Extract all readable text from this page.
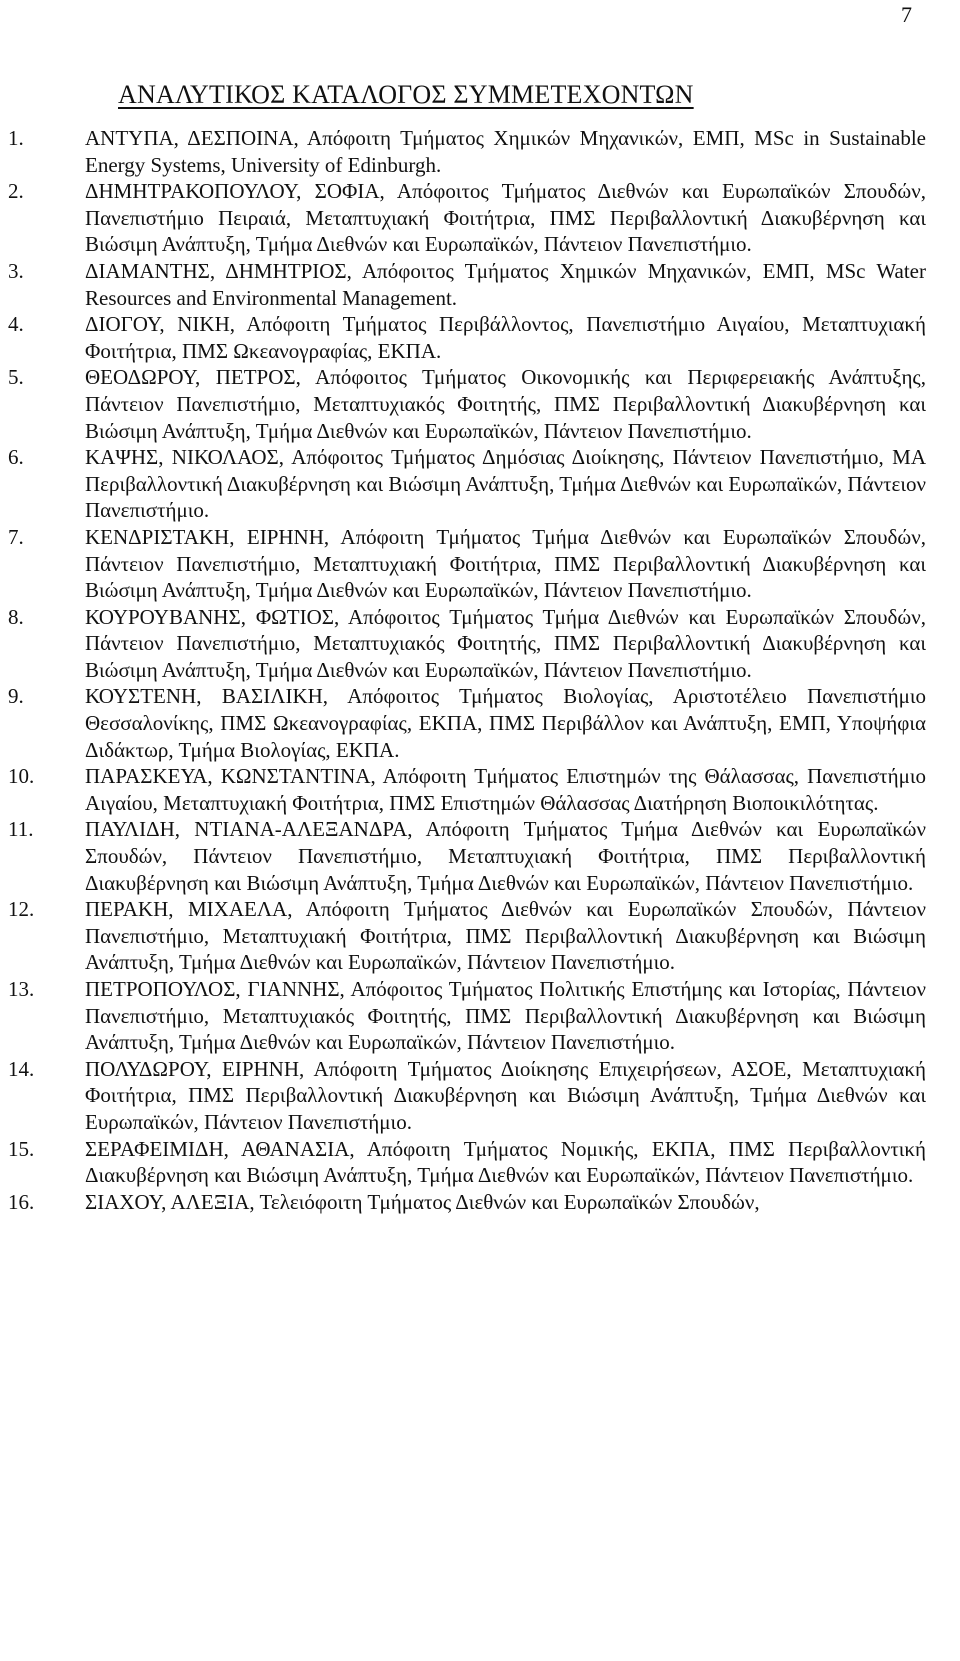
7
ΑΝΑΛΥΤΙΚΟΣ ΚΑΤΑΛΟΓΟΣ ΣΥΜΜΕΤΕΧΟΝΤΩΝ
1.	ΑΝΤΥΠΑ, ΔΕΣΠΟΙΝΑ, Απόφοιτη Τμήματος Χημικών Μηχανικών, ΕΜΠ, MSc in Sustainable Energy Systems, University of Edinburgh.
2.	ΔΗΜΗΤΡΑΚΟΠΟΥΛΟΥ, ΣΟΦΙΑ, Απόφοιτος Τμήματος Διεθνών και Ευρωπαϊκών Σπουδών, Πανεπιστήμιο Πειραιά, Μεταπτυχιακή Φοιτήτρια, ΠΜΣ Περιβαλλοντική Διακυβέρνηση και Βιώσιμη Ανάπτυξη, Τμήμα Διεθνών και Ευρωπαϊκών, Πάντειον Πανεπιστήμιο.
3.	ΔΙΑΜΑΝΤΗΣ, ΔΗΜΗΤΡΙΟΣ, Απόφοιτος Τμήματος Χημικών Μηχανικών, ΕΜΠ, MSc Water Resources and Environmental Management.
4.	ΔΙΟΓΟΥ, ΝΙΚΗ, Απόφοιτη Τμήματος Περιβάλλοντος, Πανεπιστήμιο Αιγαίου, Μεταπτυχιακή Φοιτήτρια, ΠΜΣ Ωκεανογραφίας, ΕΚΠΑ.
5.	ΘΕΟΔΩΡΟΥ, ΠΕΤΡΟΣ, Απόφοιτος Τμήματος Οικονομικής και Περιφερειακής Ανάπτυξης, Πάντειον Πανεπιστήμιο, Μεταπτυχιακός Φοιτητής, ΠΜΣ Περιβαλλοντική Διακυβέρνηση και Βιώσιμη Ανάπτυξη, Τμήμα Διεθνών και Ευρωπαϊκών, Πάντειον Πανεπιστήμιο.
6.	ΚΑΨΗΣ, ΝΙΚΟΛΑΟΣ, Απόφοιτος Τμήματος Δημόσιας Διοίκησης, Πάντειον Πανεπιστήμιο, MA Περιβαλλοντική Διακυβέρνηση και Βιώσιμη Ανάπτυξη, Τμήμα Διεθνών και Ευρωπαϊκών, Πάντειον Πανεπιστήμιο.
7.	ΚΕΝΔΡΙΣΤΑΚΗ, ΕΙΡΗΝΗ, Απόφοιτη Τμήματος Τμήμα Διεθνών και Ευρωπαϊκών Σπουδών, Πάντειον Πανεπιστήμιο, Μεταπτυχιακή Φοιτήτρια, ΠΜΣ Περιβαλλοντική Διακυβέρνηση και Βιώσιμη Ανάπτυξη, Τμήμα Διεθνών και Ευρωπαϊκών, Πάντειον Πανεπιστήμιο.
8.	ΚΟΥΡΟΥΒΑΝΗΣ, ΦΩΤΙΟΣ, Απόφοιτος Τμήματος Τμήμα Διεθνών και Ευρωπαϊκών Σπουδών, Πάντειον Πανεπιστήμιο, Μεταπτυχιακός Φοιτητής, ΠΜΣ Περιβαλλοντική Διακυβέρνηση και Βιώσιμη Ανάπτυξη, Τμήμα Διεθνών και Ευρωπαϊκών, Πάντειον Πανεπιστήμιο.
9.	ΚΟΥΣΤΕΝΗ, ΒΑΣΙΛΙΚΗ, Απόφοιτος Τμήματος Βιολογίας, Αριστοτέλειο Πανεπιστήμιο Θεσσαλονίκης, ΠΜΣ Ωκεανογραφίας, ΕΚΠΑ, ΠΜΣ Περιβάλλον και Ανάπτυξη, ΕΜΠ, Υποψήφια Διδάκτωρ, Τμήμα Βιολογίας, ΕΚΠΑ.
10. ΠΑΡΑΣΚΕΥΑ, ΚΩΝΣΤΑΝΤΙΝΑ, Απόφοιτη Τμήματος Επιστημών της Θάλασσας, Πανεπιστήμιο Αιγαίου, Μεταπτυχιακή Φοιτήτρια, ΠΜΣ Επιστημών Θάλασσας Διατήρηση Βιοποικιλότητας.
11. ΠΑΥΛΙΔΗ, ΝΤΙΑΝΑ-ΑΛΕΞΑΝΔΡΑ, Απόφοιτη Τμήματος Τμήμα Διεθνών και Ευρωπαϊκών Σπουδών, Πάντειον Πανεπιστήμιο, Μεταπτυχιακή Φοιτήτρια, ΠΜΣ Περιβαλλοντική Διακυβέρνηση και Βιώσιμη Ανάπτυξη, Τμήμα Διεθνών και Ευρωπαϊκών, Πάντειον Πανεπιστήμιο.
12. ΠΕΡΑΚΗ, ΜΙΧΑΕΛΑ, Απόφοιτη Τμήματος Διεθνών και Ευρωπαϊκών Σπουδών, Πάντειον Πανεπιστήμιο, Μεταπτυχιακή Φοιτήτρια, ΠΜΣ Περιβαλλοντική Διακυβέρνηση και Βιώσιμη Ανάπτυξη, Τμήμα Διεθνών και Ευρωπαϊκών, Πάντειον Πανεπιστήμιο.
13. ΠΕΤΡΟΠΟΥΛΟΣ, ΓΙΑΝΝΗΣ, Απόφοιτος Τμήματος Πολιτικής Επιστήμης και Ιστορίας, Πάντειον Πανεπιστήμιο, Μεταπτυχιακός Φοιτητής, ΠΜΣ Περιβαλλοντική Διακυβέρνηση και Βιώσιμη Ανάπτυξη, Τμήμα Διεθνών και Ευρωπαϊκών, Πάντειον Πανεπιστήμιο.
14. ΠΟΛΥΔΩΡΟΥ, ΕΙΡΗΝΗ, Απόφοιτη Τμήματος Διοίκησης Επιχειρήσεων, ΑΣΟΕ, Μεταπτυχιακή Φοιτήτρια, ΠΜΣ Περιβαλλοντική Διακυβέρνηση και Βιώσιμη Ανάπτυξη, Τμήμα Διεθνών και Ευρωπαϊκών, Πάντειον Πανεπιστήμιο.
15. ΣΕΡΑΦΕΙΜΙΔΗ, ΑΘΑΝΑΣΙΑ, Απόφοιτη Τμήματος Νομικής, ΕΚΠΑ, ΠΜΣ Περιβαλλοντική Διακυβέρνηση και Βιώσιμη Ανάπτυξη, Τμήμα Διεθνών και Ευρωπαϊκών, Πάντειον Πανεπιστήμιο.
16. ΣΙΑΧΟΥ, ΑΛΕΞΙΑ, Τελειόφοιτη Τμήματος Διεθνών και Ευρωπαϊκών Σπουδών,
